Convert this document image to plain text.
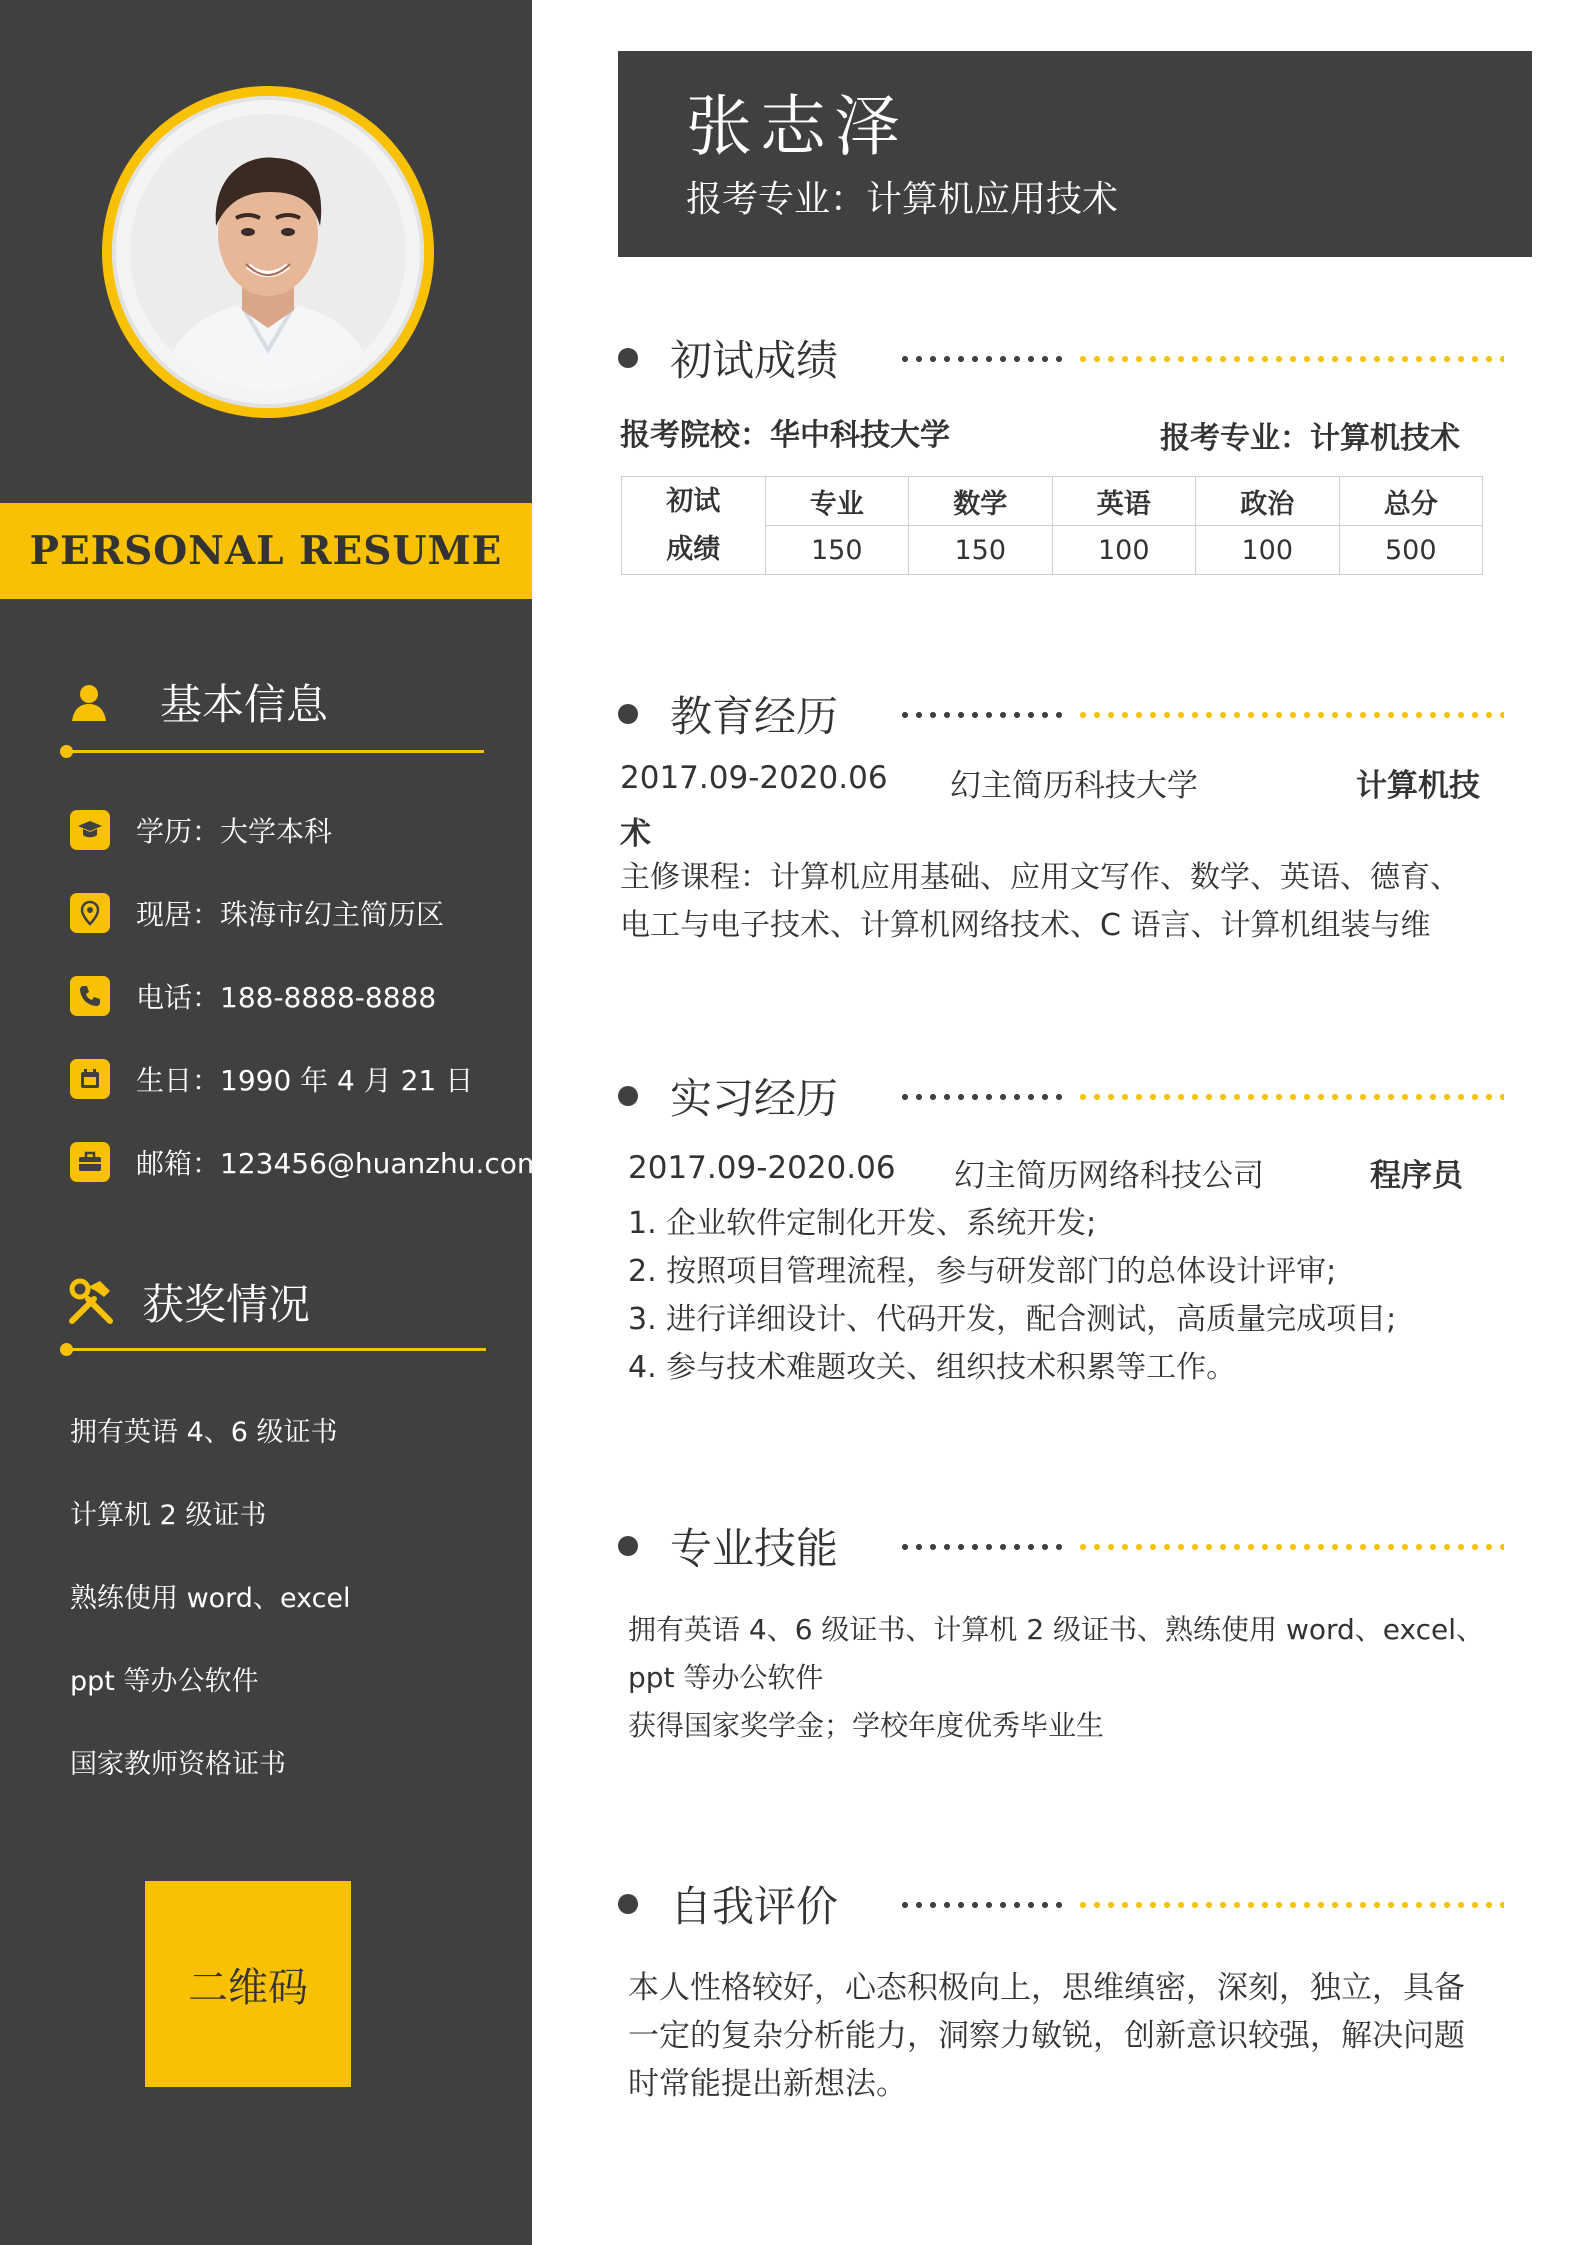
PERSONAL RESUME
基本信息
学历：大学本科
现居：珠海市幻主简历区
电话：188-8888-8888
生日：1990 年 4 月 21 日
邮箱：123456@huanzhu.com
获奖情况
拥有英语 4、6 级证书
计算机 2 级证书
熟练使用 word、excel
ppt 等办公软件
国家教师资格证书
二维码
张志泽
报考专业：计算机应用技术
初试成绩
报考院校：华中科技大学	报考专业：计算机技术
初试
成绩	专业	数学	英语	政治	总分
	150	150	100	100	500
教育经历
2017.09-2020.06 幻主简历科技大学	计算机技
术
主修课程：计算机应用基础、应用文写作、数学、英语、德育、
电工与电子技术、计算机网络技术、C 语言、计算机组装与维
实习经历
2017.09-2020.06 幻主简历网络科技公司	程序员
1. 企业软件定制化开发、系统开发;
2. 按照项目管理流程，参与研发部门的总体设计评审;
3. 进行详细设计、代码开发，配合测试，高质量完成项目;
4. 参与技术难题攻关、组织技术积累等工作。
专业技能
拥有英语 4、6 级证书、计算机 2 级证书、熟练使用 word、excel、
ppt 等办公软件
获得国家奖学金；学校年度优秀毕业生
自我评价
本人性格较好，心态积极向上，思维缜密，深刻，独立，具备
一定的复杂分析能力，洞察力敏锐，创新意识较强，解决问题
时常能提出新想法。
